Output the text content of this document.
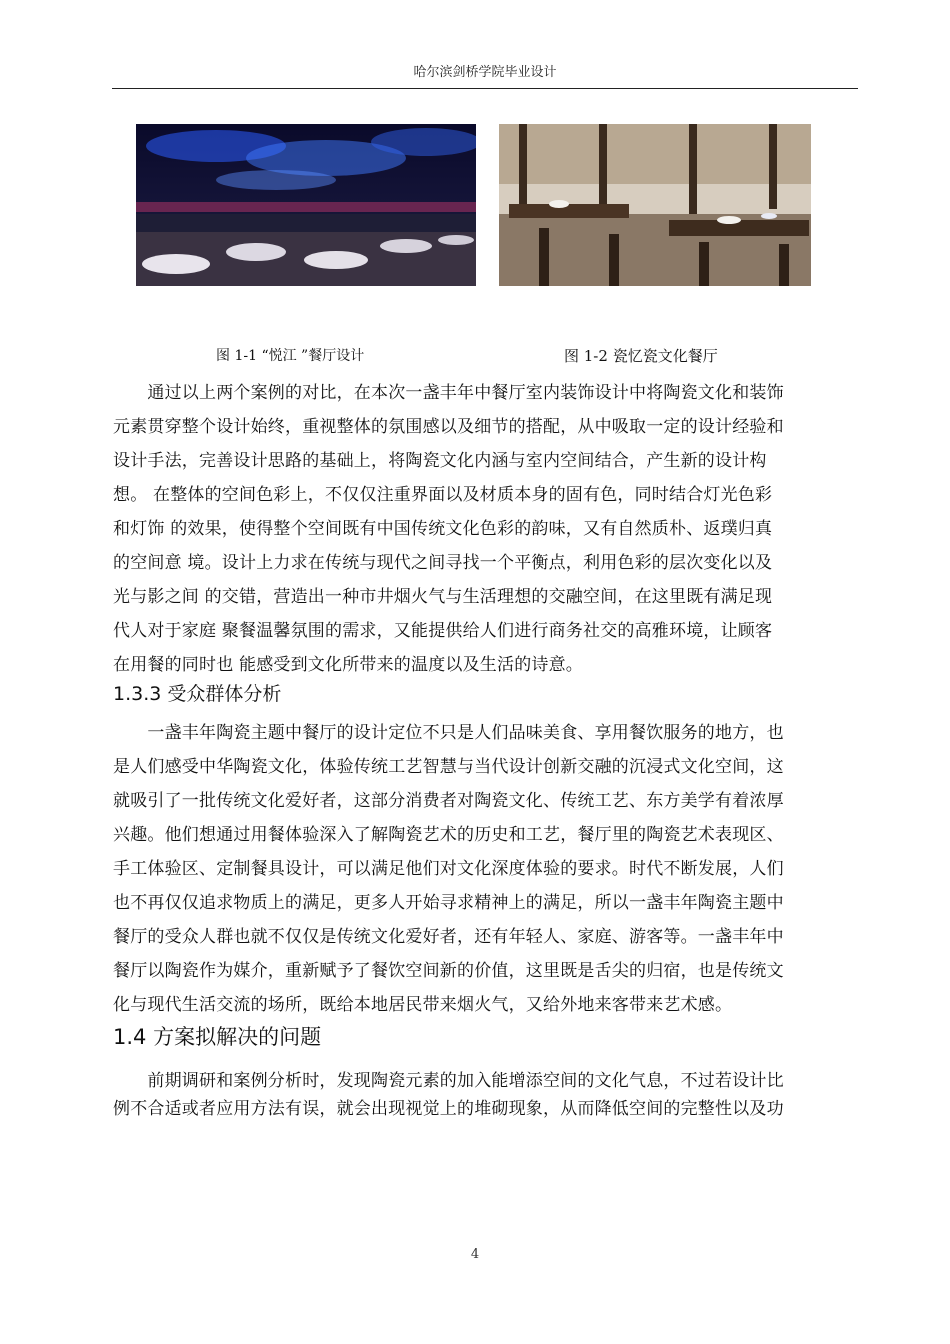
哈尔滨剑桥学院毕业设计
图 1-1 “悦江 ”餐厅设计	图 1-2 瓷忆瓷文化餐厅

　　通过以上两个案例的对比，在本次一盏丰年中餐厅室内装饰设计中将陶瓷文化和装饰
元素贯穿整个设计始终，重视整体的氛围感以及细节的搭配，从中吸取一定的设计经验和
设计手法，完善设计思路的基础上，将陶瓷文化内涵与室内空间结合，产生新的设计构
想。 在整体的空间色彩上，不仅仅注重界面以及材质本身的固有色，同时结合灯光色彩
和灯饰 的效果，使得整个空间既有中国传统文化色彩的韵味，又有自然质朴、返璞归真
的空间意 境。设计上力求在传统与现代之间寻找一个平衡点，利用色彩的层次变化以及
光与影之间 的交错，营造出一种市井烟火气与生活理想的交融空间，在这里既有满足现
代人对于家庭 聚餐温馨氛围的需求，又能提供给人们进行商务社交的高雅环境，让顾客
在用餐的同时也 能感受到文化所带来的温度以及生活的诗意。

1.3.3 受众群体分析

　　一盏丰年陶瓷主题中餐厅的设计定位不只是人们品味美食、享用餐饮服务的地方，也
是人们感受中华陶瓷文化，体验传统工艺智慧与当代设计创新交融的沉浸式文化空间，这
就吸引了一批传统文化爱好者，这部分消费者对陶瓷文化、传统工艺、东方美学有着浓厚
兴趣。他们想通过用餐体验深入了解陶瓷艺术的历史和工艺，餐厅里的陶瓷艺术表现区、
手工体验区、定制餐具设计，可以满足他们对文化深度体验的要求。时代不断发展，人们
也不再仅仅追求物质上的满足，更多人开始寻求精神上的满足，所以一盏丰年陶瓷主题中
餐厅的受众人群也就不仅仅是传统文化爱好者，还有年轻人、家庭、游客等。一盏丰年中
餐厅以陶瓷作为媒介，重新赋予了餐饮空间新的价值，这里既是舌尖的归宿，也是传统文
化与现代生活交流的场所，既给本地居民带来烟火气，又给外地来客带来艺术感。

1.4 方案拟解决的问题

　　前期调研和案例分析时，发现陶瓷元素的加入能增添空间的文化气息，不过若设计比
例不合适或者应用方法有误，就会出现视觉上的堆砌现象，从而降低空间的完整性以及功

4
